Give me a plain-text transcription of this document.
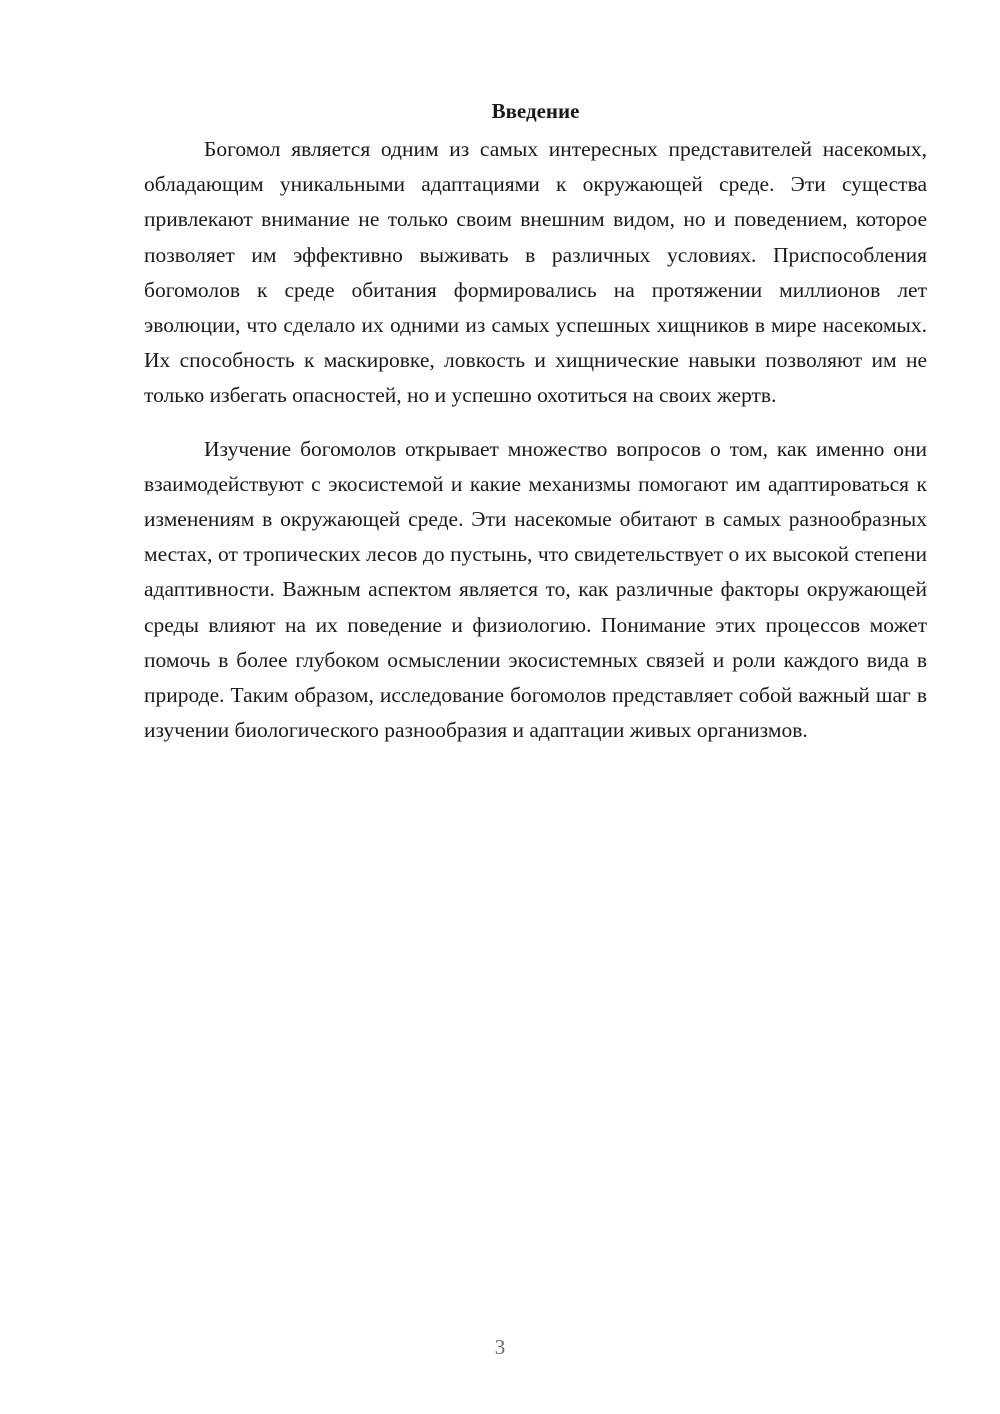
Введение

Богомол является одним из самых интересных представителей насекомых, обладающим уникальными адаптациями к окружающей среде. Эти существа привлекают внимание не только своим внешним видом, но и поведением, которое позволяет им эффективно выживать в различных условиях. Приспособления богомолов к среде обитания формировались на протяжении миллионов лет эволюции, что сделало их одними из самых успешных хищников в мире насекомых. Их способность к маскировке, ловкость и хищнические навыки позволяют им не только избегать опасностей, но и успешно охотиться на своих жертв.

Изучение богомолов открывает множество вопросов о том, как именно они взаимодействуют с экосистемой и какие механизмы помогают им адаптироваться к изменениям в окружающей среде. Эти насекомые обитают в самых разнообразных местах, от тропических лесов до пустынь, что свидетельствует о их высокой степени адаптивности. Важным аспектом является то, как различные факторы окружающей среды влияют на их поведение и физиологию. Понимание этих процессов может помочь в более глубоком осмыслении экосистемных связей и роли каждого вида в природе. Таким образом, исследование богомолов представляет собой важный шаг в изучении биологического разнообразия и адаптации живых организмов.

3
